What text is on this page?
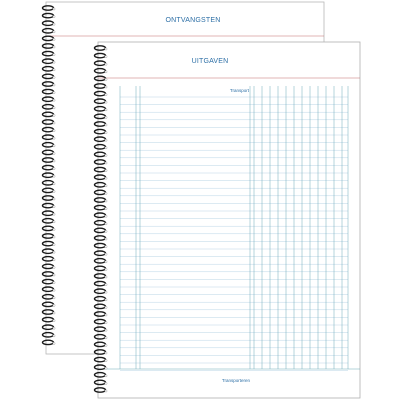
ONTVANGSTEN
UITGAVEN
Transport
Transporteren
